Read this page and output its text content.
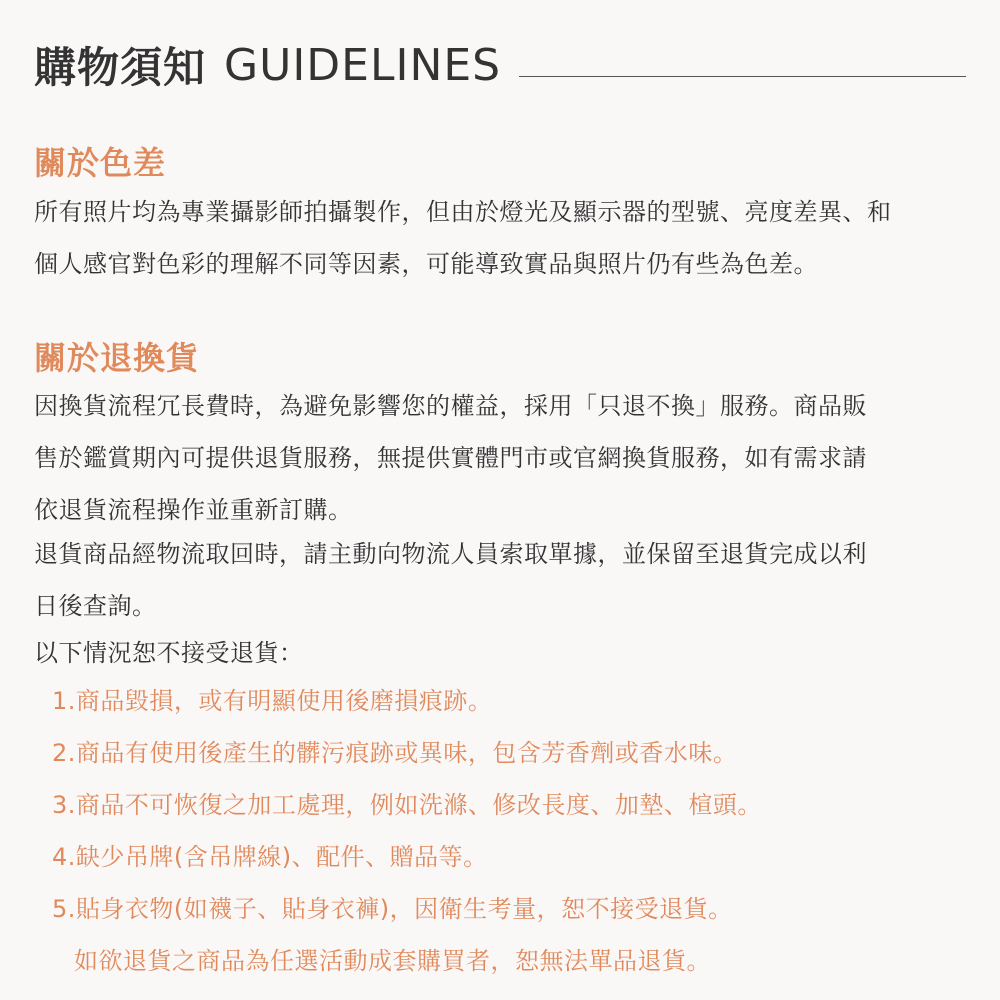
購物須知 GUIDELINES
關於色差
所有照片均為專業攝影師拍攝製作，但由於燈光及顯示器的型號、亮度差異、和
個人感官對色彩的理解不同等因素，可能導致實品與照片仍有些為色差。
關於退換貨
因換貨流程冗長費時，為避免影響您的權益，採用「只退不換」服務。商品販
售於鑑賞期內可提供退貨服務，無提供實體門市或官網換貨服務，如有需求請
依退貨流程操作並重新訂購。
退貨商品經物流取回時，請主動向物流人員索取單據，並保留至退貨完成以利
日後查詢。
以下情況恕不接受退貨：
1.商品毀損，或有明顯使用後磨損痕跡。
2.商品有使用後產生的髒污痕跡或異味，包含芳香劑或香水味。
3.商品不可恢復之加工處理，例如洗滌、修改長度、加墊、楦頭。
4.缺少吊牌(含吊牌線)、配件、贈品等。
5.貼身衣物(如襪子、貼身衣褲)，因衛生考量，恕不接受退貨。
如欲退貨之商品為任選活動成套購買者，恕無法單品退貨。
